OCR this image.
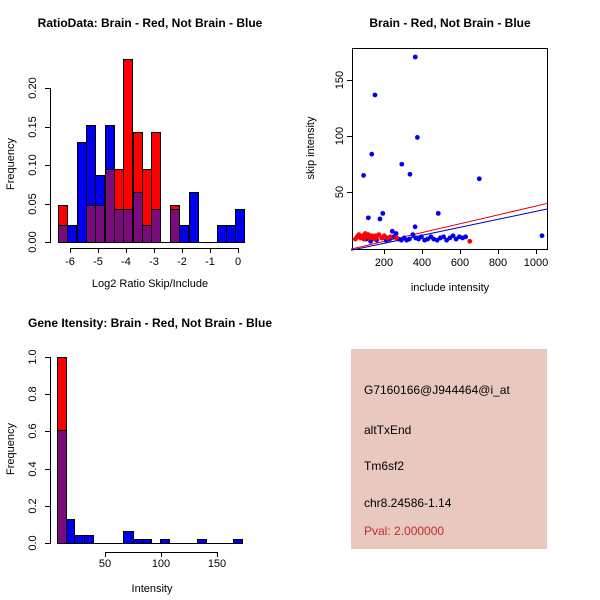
RatioData: Brain - Red, Not Brain - Blue
Log2 Ratio Skip/Include
Frequency
0.00
0.05
0.10
0.15
0.20
-6	-5	-4	-3	-2	-1	0
Brain - Red, Not Brain - Blue
include intensity
skip intensity
200	400	600	800	1000
50
100
150
Gene Itensity: Brain - Red, Not Brain - Blue
Intensity
Frequency
0.0
0.2
0.4
0.6
0.8
1.0
50	100	150
G7160166@J944464@i_at
altTxEnd
Tm6sf2
chr8.24586-1.14
Pval: 2.000000
